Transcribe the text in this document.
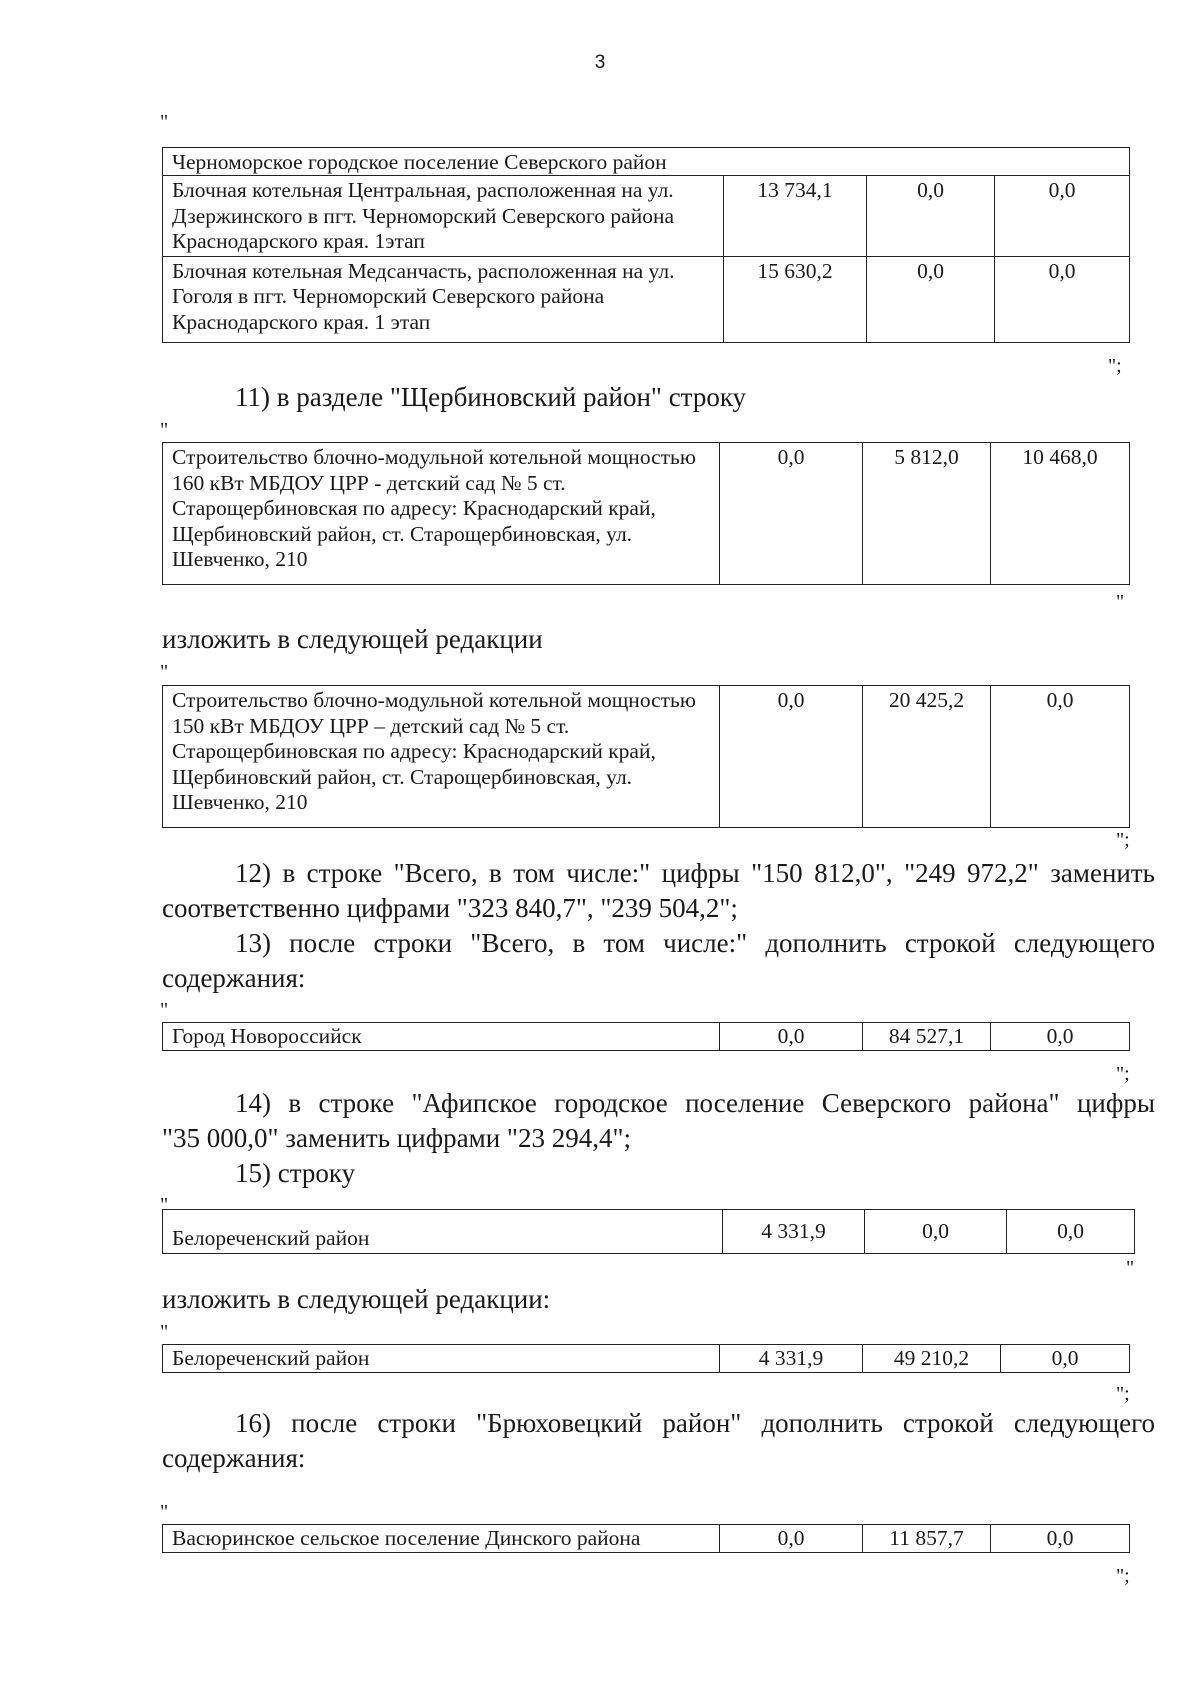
3
"
Черноморское городское поселение Северского район			
Блочная котельная Центральная, расположенная на ул. Дзержинского в пгт. Черноморский Северского района Краснодарского края. 1этап	13 734,1	0,0	0,0
Блочная котельная Медсанчасть, расположенная на ул. Гоголя в пгт. Черноморский Северского района Краснодарского края. 1 этап	15 630,2	0,0	0,0
";
11) в разделе "Щербиновский район" строку
"
Строительство блочно-модульной котельной мощностью 160 кВт МБДОУ ЦРР - детский сад № 5 ст. Старощербиновская по адресу: Краснодарский край, Щербиновский район, ст. Старощербиновская, ул. Шевченко, 210	0,0	5 812,0	10 468,0
"
изложить в следующей редакции
"
Строительство блочно-модульной котельной мощностью 150 кВт МБДОУ ЦРР – детский сад № 5 ст. Старощербиновская по адресу: Краснодарский край, Щербиновский район, ст. Старощербиновская, ул. Шевченко, 210	0,0	20 425,2	0,0
";
12) в строке "Всего, в том числе:" цифры "150 812,0", "249 972,2" заменить
соответственно цифрами "323 840,7", "239 504,2";
13) после строки "Всего, в том числе:" дополнить строкой следующего
содержания:
"
Город Новороссийск	0,0	84 527,1	0,0
";
14) в строке "Афипское городское поселение Северского района" цифры
"35 000,0" заменить цифрами "23 294,4";
15) строку
"
Белореченский район	4 331,9	0,0	0,0
"
изложить в следующей редакции:
"
Белореченский район	4 331,9	49 210,2	0,0
";
16) после строки "Брюховецкий район" дополнить строкой следующего
содержания:
"
Васюринское сельское поселение Динского района	0,0	11 857,7	0,0
";
